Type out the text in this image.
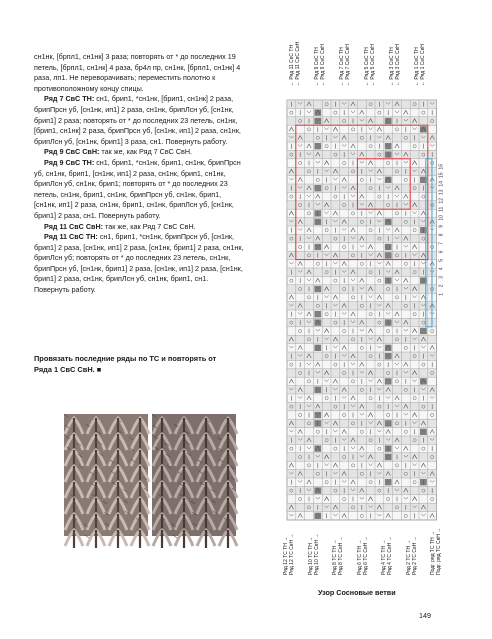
сн1нк, [брпл1, сн1нк] 3 раза; повторять от * до последних 19 петель, [брпл1, сн1нк] 4 раза, бр4л пр, сн1нк, [брпл1, сн1нк] 4 раза, лп1. Не переворачивать; переместить полотно к противоположному концу спицы.

Ряд 7 СвС ТН: сн1, брип1, *сн1нк, [брип1, сн1нк] 2 раза, брипПрсн уб, [сн1нк, ип1] 2 раза, сн1нк, брипЛсн уб, [сн1нк, брип1] 2 раза; повторять от * до последних 23 петель, сн1нк, [брип1, сн1нк] 2 раза, брипПрсн уб, [сн1нк, ип1] 2 раза, сн1нк, брипЛсн уб, [сн1нк, брип1] 3 раза, сн1. Повернуть работу.

Ряд 9 СвС СвН: так же, как Ряд 7 СвС СвН.

Ряд 9 СвС ТН: сн1, брип1, *сн1нк, брип1, сн1нк, брипПрсн уб, сн1нк, брип1, [сн1нк, ип1] 2 раза, сн1нк, брип1, сн1нк, брипЛсн уб, сн1нк, брип1; повторять от * до последних 23 петель, сн1нк, брип1, сн1нк, брипПрсн уб, сн1нк, брип1, [сн1нк, ип1] 2 раза, сн1нк, брип1, сн1нк, брипЛсн уб, [сн1нк, брип1] 2 раза, сн1. Повернуть работу.

Ряд 11 СвС СвН: так же, как Ряд 7 СвС СвН.

Ряд 11 СвС ТН: сн1, брип1, *сн1нк, брипПрсн уб, [сн1нк, брип1] 2 раза, [сн1нк, ип1] 2 раза, [сн1нк, брип1] 2 раза, сн1нк, брипЛсн уб; повторять от * до последних 23 петель, сн1нк, брипПрсн уб, [сн1нк, брип1] 2 раза, [сн1нк, ип1] 2 раза, [сн1нк, брип1] 2 раза, сн1нк, брипЛсн уб, сн1нк, брип1, сн1. Повернуть работу.

Провязать последние ряды по ТС и повторять от Ряда 1 СвС СвН. ■
16
15
14
13
12
11
10
9
8
7
6
5
4
3
2
1
← Ряд 11 СвС ТН ← Ряд 11 СвС СвН	← Ряд 9 СвС ТН ← Ряд 9 СвС СвН	← Ряд 7 СвС ТН ← Ряд 7 СвС СвН	← Ряд 5 СвС ТН ← Ряд 5 СвС СвН	← Ряд 3 СвС ТН ← Ряд 3 СвС СвН	← Ряд 1 СвС ТН ← Ряд 1 СвС СвН
Ряд 12 ТС ТН → Ряд 12 ТС СвН →	Ряд 10 ТС ТН → Ряд 10 ТС СвН →	Ряд 8 ТС ТН → Ряд 8 ТС СвН →	Ряд 6 ТС ТН → Ряд 6 ТС СвН →	Ряд 4 ТС ТН → Ряд 4 ТС СвН →	Ряд 2 ТС ТН → Ряд 2 ТС СвН →	Подг. ряд ТС ТН → Подг. ряд ТС СвН →
Узор Сосновые ветви
149
